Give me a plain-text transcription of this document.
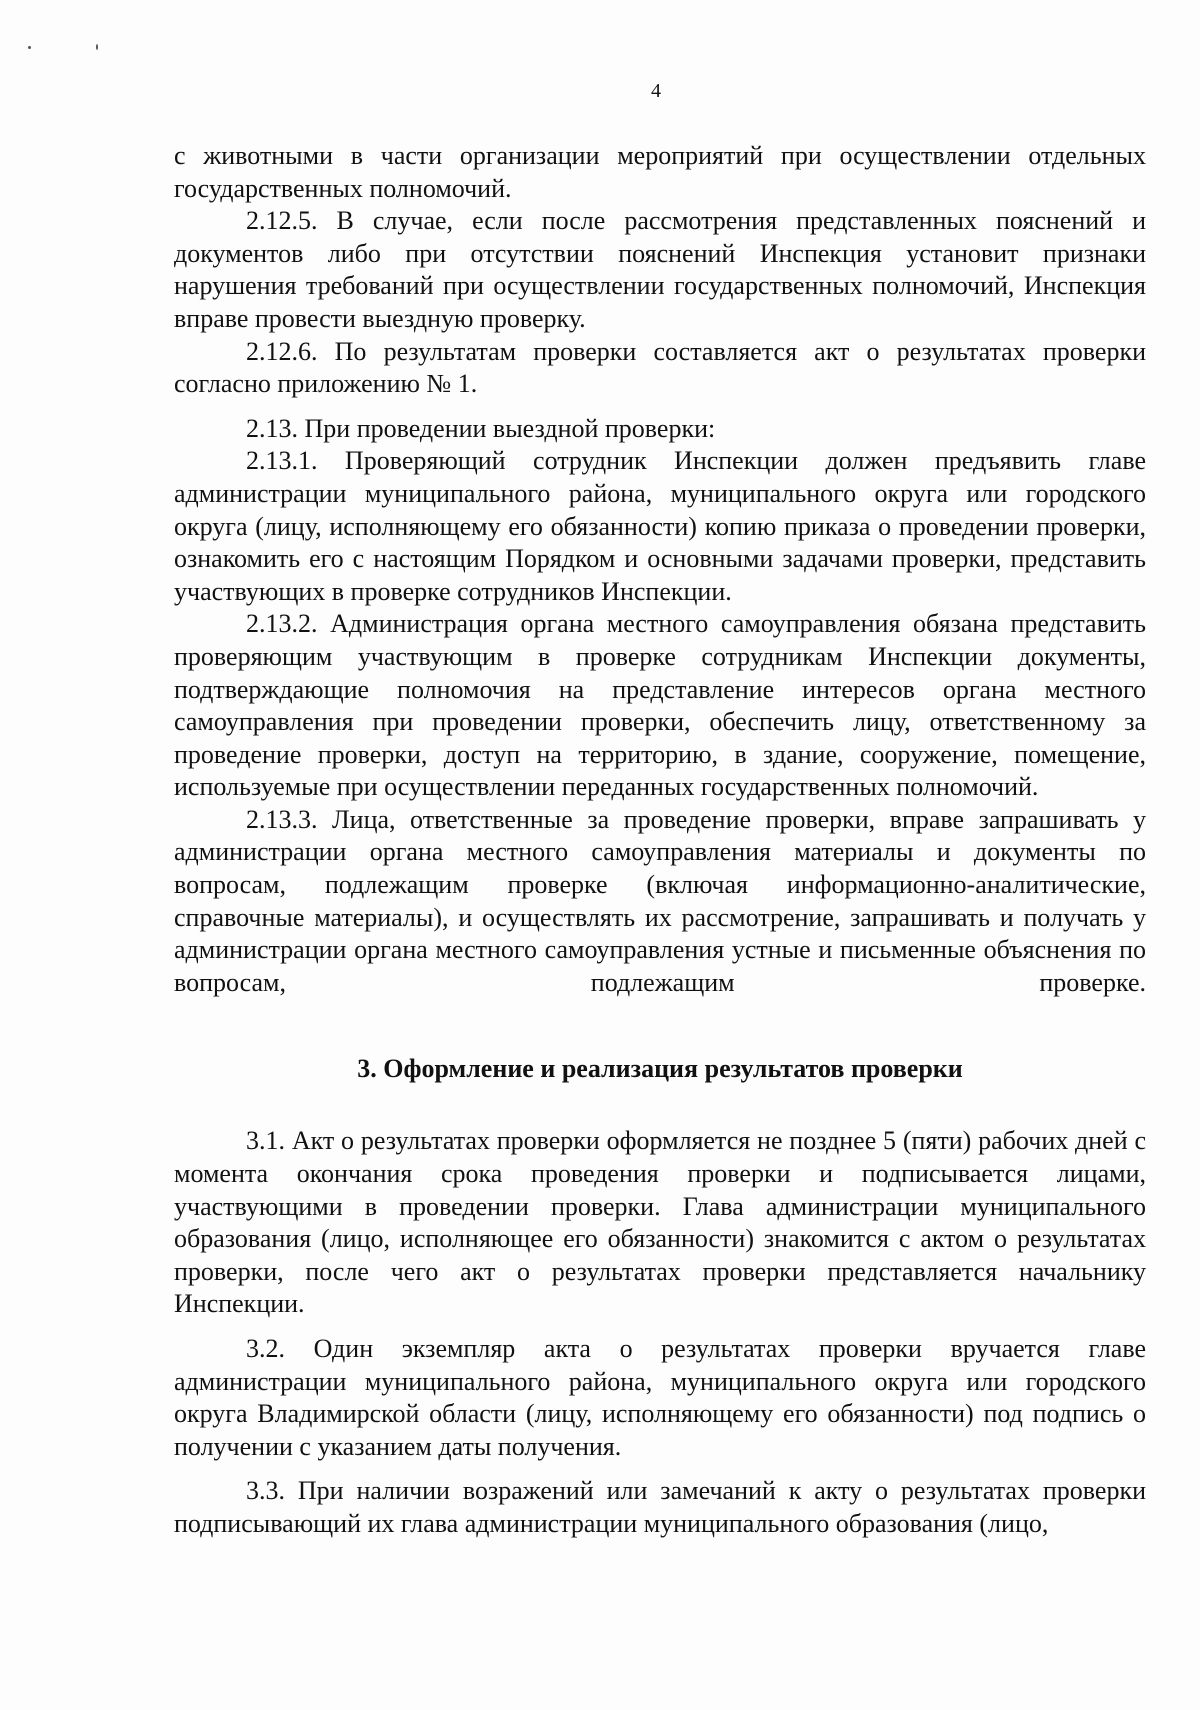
4

с животными в части организации мероприятий при осуществлении отдельных государственных полномочий.

2.12.5. В случае, если после рассмотрения представленных пояснений и документов либо при отсутствии пояснений Инспекция установит признаки нарушения требований при осуществлении государственных полномочий, Инспекция вправе провести выездную проверку.

2.12.6. По результатам проверки составляется акт о результатах проверки согласно приложению № 1.

2.13. При проведении выездной проверки:

2.13.1. Проверяющий сотрудник Инспекции должен предъявить главе администрации муниципального района, муниципального округа или городского округа (лицу, исполняющему его обязанности) копию приказа о проведении проверки, ознакомить его с настоящим Порядком и основными задачами проверки, представить участвующих в проверке сотрудников Инспекции.

2.13.2. Администрация органа местного самоуправления обязана представить проверяющим участвующим в проверке сотрудникам Инспекции документы, подтверждающие полномочия на представление интересов органа местного самоуправления при проведении проверки, обеспечить лицу, ответственному за проведение проверки, доступ на территорию, в здание, сооружение, помещение, используемые при осуществлении переданных государственных полномочий.

2.13.3. Лица, ответственные за проведение проверки, вправе запрашивать у администрации органа местного самоуправления материалы и документы по вопросам, подлежащим проверке (включая информационно-аналитические, справочные материалы), и осуществлять их рассмотрение, запрашивать и получать у администрации органа местного самоуправления устные и письменные объяснения по вопросам, подлежащим проверке.

3. Оформление и реализация результатов проверки

3.1. Акт о результатах проверки оформляется не позднее 5 (пяти) рабочих дней с момента окончания срока проведения проверки и подписывается лицами, участвующими в проведении проверки. Глава администрации муниципального образования (лицо, исполняющее его обязанности) знакомится с актом о результатах проверки, после чего акт о результатах проверки представляется начальнику Инспекции.

3.2. Один экземпляр акта о результатах проверки вручается главе администрации муниципального района, муниципального округа или городского округа Владимирской области (лицу, исполняющему его обязанности) под подпись о получении с указанием даты получения.

3.3. При наличии возражений или замечаний к акту о результатах проверки подписывающий их глава администрации муниципального образования (лицо,
